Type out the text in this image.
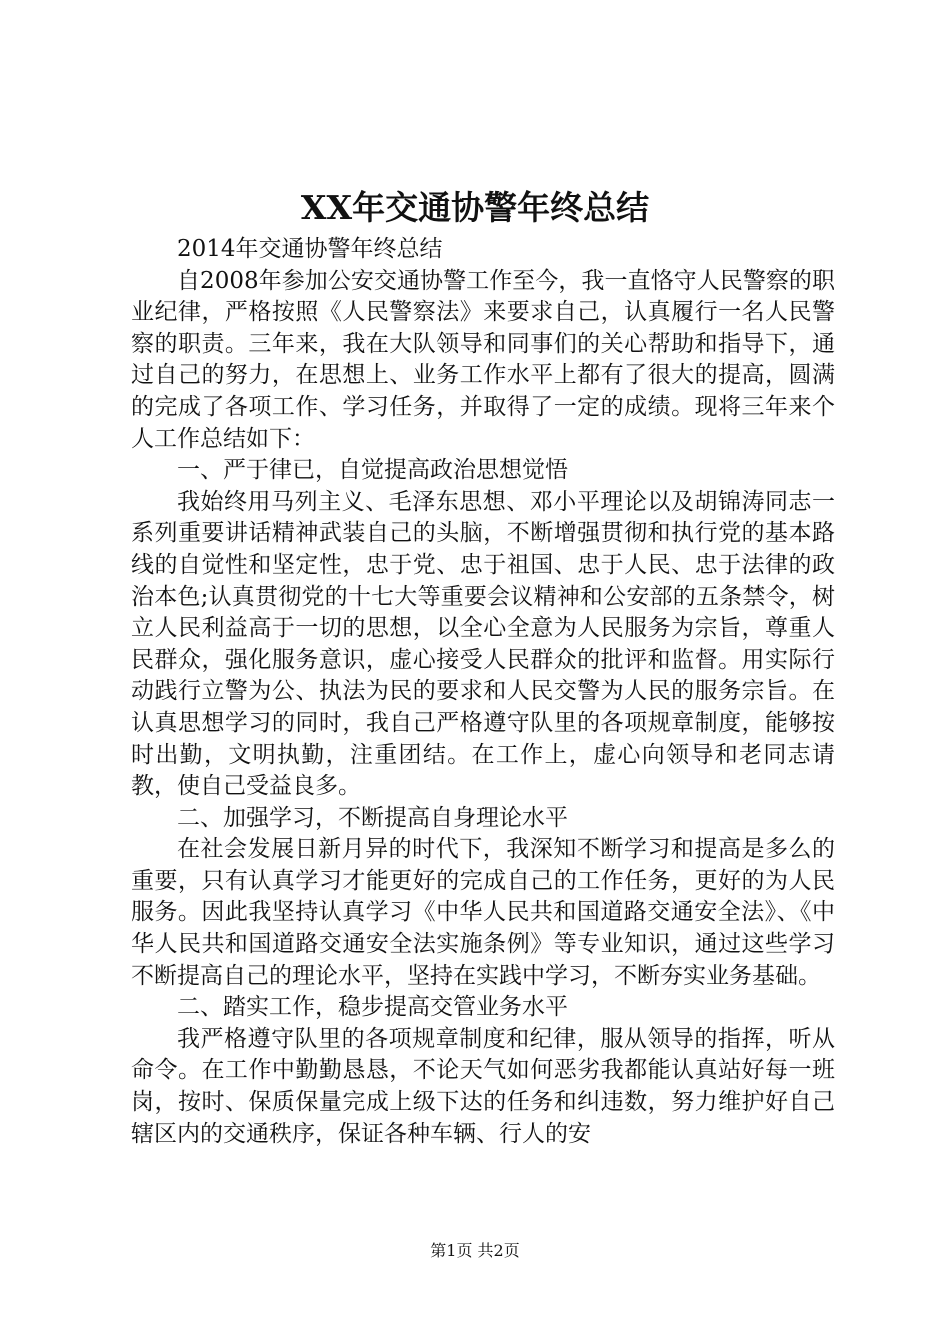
XX年交通协警年终总结

2014年交通协警年终总结

自2008年参加公安交通协警工作至今，我一直恪守人民警察的职业纪律，严格按照《人民警察法》来要求自己，认真履行一名人民警察的职责。三年来，我在大队领导和同事们的关心帮助和指导下，通过自己的努力，在思想上、业务工作水平上都有了很大的提高，圆满的完成了各项工作、学习任务，并取得了一定的成绩。现将三年来个人工作总结如下：

一、严于律已，自觉提高政治思想觉悟

我始终用马列主义、毛泽东思想、邓小平理论以及胡锦涛同志一系列重要讲话精神武装自己的头脑，不断增强贯彻和执行党的基本路线的自觉性和坚定性，忠于党、忠于祖国、忠于人民、忠于法律的政治本色;认真贯彻党的十七大等重要会议精神和公安部的五条禁令，树立人民利益高于一切的思想，以全心全意为人民服务为宗旨，尊重人民群众，强化服务意识，虚心接受人民群众的批评和监督。用实际行动践行立警为公、执法为民的要求和人民交警为人民的服务宗旨。在认真思想学习的同时，我自己严格遵守队里的各项规章制度，能够按时出勤，文明执勤，注重团结。在工作上，虚心向领导和老同志请教，使自己受益良多。

二、加强学习，不断提高自身理论水平

在社会发展日新月异的时代下，我深知不断学习和提高是多么的重要，只有认真学习才能更好的完成自己的工作任务，更好的为人民服务。因此我坚持认真学习《中华人民共和国道路交通安全法》、《中华人民共和国道路交通安全法实施条例》等专业知识，通过这些学习不断提高自己的理论水平，坚持在实践中学习，不断夯实业务基础。

二、踏实工作，稳步提高交管业务水平

我严格遵守队里的各项规章制度和纪律，服从领导的指挥，听从命令。在工作中勤勤恳恳，不论天气如何恶劣我都能认真站好每一班岗，按时、保质保量完成上级下达的任务和纠违数，努力维护好自己辖区内的交通秩序，保证各种车辆、行人的安

第1页 共2页
